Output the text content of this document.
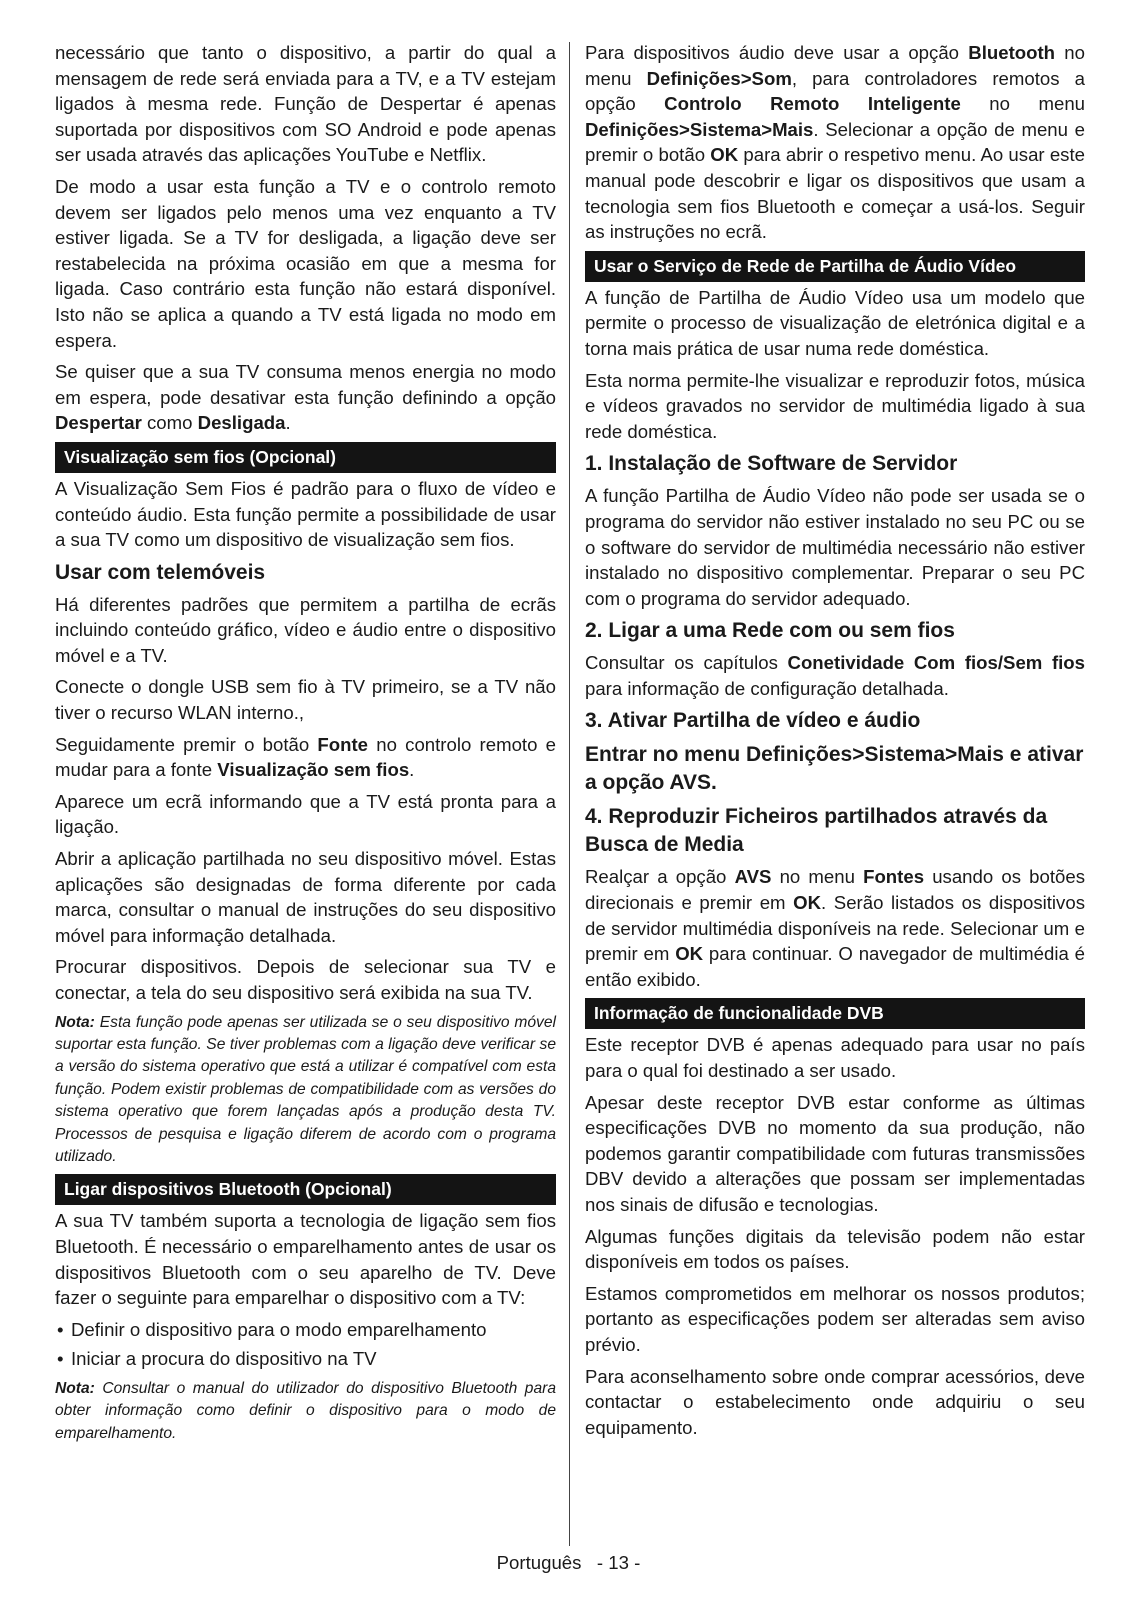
necessário que tanto o dispositivo, a partir do qual a mensagem de rede será enviada para a TV, e a TV estejam ligados à mesma rede. Função de Despertar é apenas suportada por dispositivos com SO Android e pode apenas ser usada através das aplicações YouTube e Netflix.

De modo a usar esta função a TV e o controlo remoto devem ser ligados pelo menos uma vez enquanto a TV estiver ligada. Se a TV for desligada, a ligação deve ser restabelecida na próxima ocasião em que a mesma for ligada. Caso contrário esta função não estará disponível. Isto não se aplica a quando a TV está ligada no modo em espera.

Se quiser que a sua TV consuma menos energia no modo em espera, pode desativar esta função definindo a opção Despertar como Desligada.

Visualização sem fios (Opcional)

A Visualização Sem Fios é padrão para o fluxo de vídeo e conteúdo áudio. Esta função permite a possibilidade de usar a sua TV como um dispositivo de visualização sem fios.

Usar com telemóveis

Há diferentes padrões que permitem a partilha de ecrãs incluindo conteúdo gráfico, vídeo e áudio entre o dispositivo móvel e a TV.

Conecte o dongle USB sem fio à TV primeiro, se a TV não tiver o recurso WLAN interno.,

Seguidamente premir o botão Fonte no controlo remoto e mudar para a fonte Visualização sem fios.

Aparece um ecrã informando que a TV está pronta para a ligação.

Abrir a aplicação partilhada no seu dispositivo móvel. Estas aplicações são designadas de forma diferente por cada marca, consultar o manual de instruções do seu dispositivo móvel para informação detalhada.

Procurar dispositivos. Depois de selecionar sua TV e conectar, a tela do seu dispositivo será exibida na sua TV.

Nota: Esta função pode apenas ser utilizada se o seu dispositivo móvel suportar esta função. Se tiver problemas com a ligação deve verificar se a versão do sistema operativo que está a utilizar é compatível com esta função. Podem existir problemas de compatibilidade com as versões do sistema operativo que forem lançadas após a produção desta TV. Processos de pesquisa e ligação diferem de acordo com o programa utilizado.
Ligar dispositivos Bluetooth (Opcional)

A sua TV também suporta a tecnologia de ligação sem fios Bluetooth. É necessário o emparelhamento antes de usar os dispositivos Bluetooth com o seu aparelho de TV. Deve fazer o seguinte para emparelhar o dispositivo com a TV:

• Definir o dispositivo para o modo emparelhamento
• Iniciar a procura do dispositivo na TV
Nota: Consultar o manual do utilizador do dispositivo Bluetooth para obter informação como definir o dispositivo para o modo de emparelhamento.

Para dispositivos áudio deve usar a opção Bluetooth no menu Definições>Som, para controladores remotos a opção Controlo Remoto Inteligente no menu Definições>Sistema>Mais. Selecionar a opção de menu e premir o botão OK para abrir o respetivo menu. Ao usar este manual pode descobrir e ligar os dispositivos que usam a tecnologia sem fios Bluetooth e começar a usá-los. Seguir as instruções no ecrã.

Usar o Serviço de Rede de Partilha de Áudio Vídeo

A função de Partilha de Áudio Vídeo usa um modelo que permite o processo de visualização de eletrónica digital e a torna mais prática de usar numa rede doméstica.

Esta norma permite-lhe visualizar e reproduzir fotos, música e vídeos gravados no servidor de multimédia ligado à sua rede doméstica.

1. Instalação de Software de Servidor

A função Partilha de Áudio Vídeo não pode ser usada se o programa do servidor não estiver instalado no seu PC ou se o software do servidor de multimédia necessário não estiver instalado no dispositivo complementar. Preparar o seu PC com o programa do servidor adequado.

2. Ligar a uma Rede com ou sem fios

Consultar os capítulos Conetividade Com fios/Sem fios para informação de configuração detalhada.

3. Ativar Partilha de vídeo e áudio
Entrar no menu Definições>Sistema>Mais e ativar a opção AVS.
4. Reproduzir Ficheiros partilhados através da Busca de Media

Realçar a opção AVS no menu Fontes usando os botões direcionais e premir em OK. Serão listados os dispositivos de servidor multimédia disponíveis na rede. Selecionar um e premir em OK para continuar. O navegador de multimédia é então exibido.

Informação de funcionalidade DVB

Este receptor DVB é apenas adequado para usar no país para o qual foi destinado a ser usado.

Apesar deste receptor DVB estar conforme as últimas especificações DVB no momento da sua produção, não podemos garantir compatibilidade com futuras transmissões DBV devido a alterações que possam ser implementadas nos sinais de difusão e tecnologias.

Algumas funções digitais da televisão podem não estar disponíveis em todos os países.

Estamos comprometidos em melhorar os nossos produtos; portanto as especificações podem ser alteradas sem aviso prévio.

Para aconselhamento sobre onde comprar acessórios, deve contactar o estabelecimento onde adquiriu o seu equipamento.

Português - 13 -
